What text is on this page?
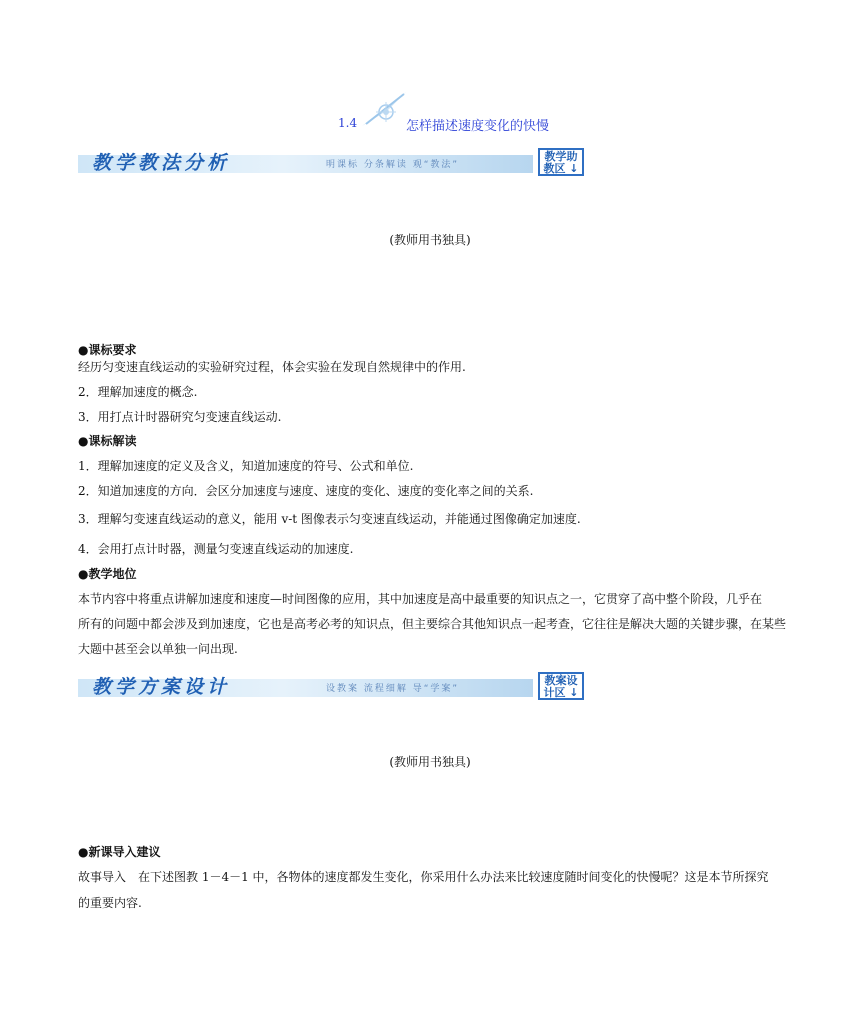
1.4	怎样描述速度变化的快慢
教学教法分析	明课标 分条解读 观“教法”
教学助
教区 ↓
(教师用书独具)
●课标要求
经历匀变速直线运动的实验研究过程，体会实验在发现自然规律中的作用.
2．理解加速度的概念.
3．用打点计时器研究匀变速直线运动.
●课标解读
1．理解加速度的定义及含义，知道加速度的符号、公式和单位.
2．知道加速度的方向．会区分加速度与速度、速度的变化、速度的变化率之间的关系.
3．理解匀变速直线运动的意义，能用 v-t 图像表示匀变速直线运动，并能通过图像确定加速度.
4．会用打点计时器，测量匀变速直线运动的加速度.
●教学地位
本节内容中将重点讲解加速度和速度—时间图像的应用，其中加速度是高中最重要的知识点之一，它贯穿了高中整个阶段，几乎在
所有的问题中都会涉及到加速度，它也是高考必考的知识点，但主要综合其他知识点一起考查，它往往是解决大题的关键步骤，在某些
大题中甚至会以单独一问出现.
教学方案设计	设教案 流程细解 导“学案”
教案设
计区 ↓
(教师用书独具)
●新课导入建议
故事导入　在下述图教 1－4－1 中，各物体的速度都发生变化，你采用什么办法来比较速度随时间变化的快慢呢？这是本节所探究
的重要内容.
